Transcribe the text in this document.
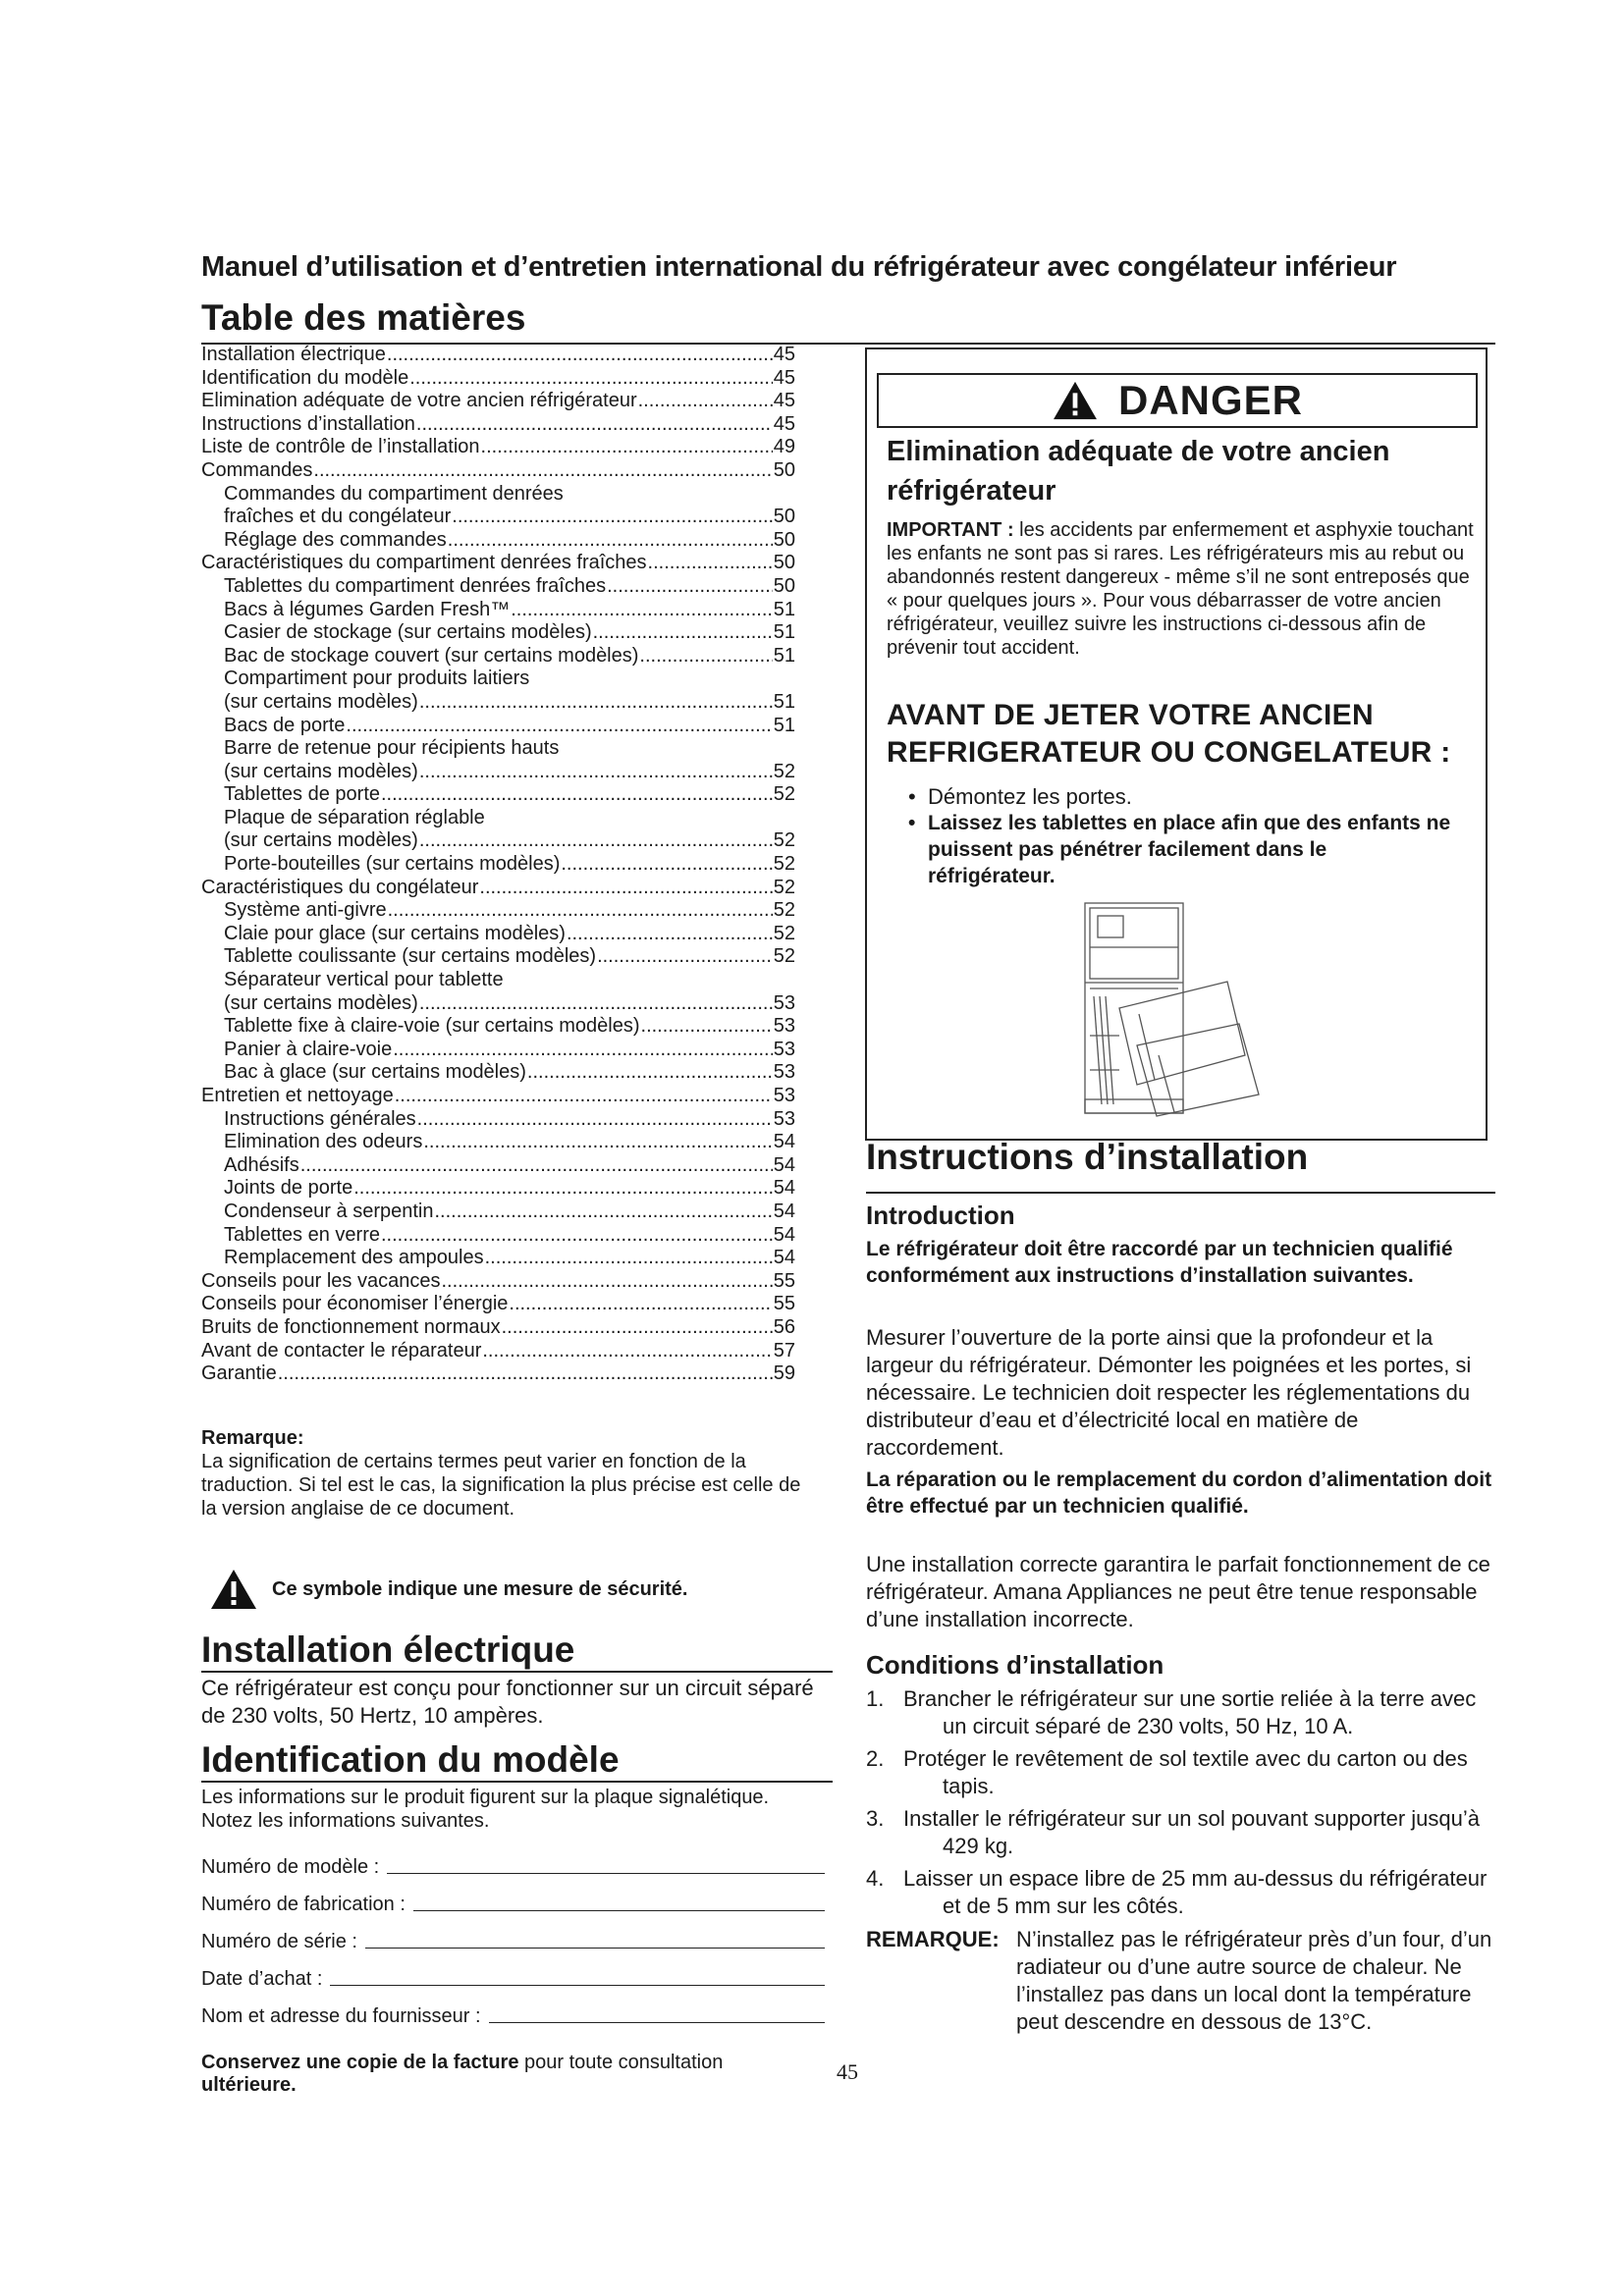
Manuel d’utilisation et d’entretien international du réfrigérateur avec congélateur inférieur
Table des matières
Installation électrique .....	45
Identification du modèle .....	45
Elimination adéquate de votre ancien réfrigérateur .....	45
Instructions d’installation .....	45
Liste de contrôle de l’installation .....	49
Commandes .....	50
Commandes du compartiment denrées
fraîches et du congélateur .....	50
Réglage des commandes .....	50
Caractéristiques du compartiment denrées fraîches .....	50
Tablettes du compartiment denrées fraîches .....	50
Bacs à légumes Garden Fresh™ .....	51
Casier de stockage (sur certains modèles) .....	51
Bac de stockage couvert (sur certains modèles) .....	51
Compartiment pour produits laitiers
(sur certains modèles) .....	51
Bacs de porte .....	51
Barre de retenue pour récipients hauts
(sur certains modèles) .....	52
Tablettes de porte .....	52
Plaque de séparation réglable
(sur certains modèles) .....	52
Porte-bouteilles (sur certains modèles) .....	52
Caractéristiques du congélateur .....	52
Système anti-givre .....	52
Claie pour glace (sur certains modèles) .....	52
Tablette coulissante (sur certains modèles) .....	52
Séparateur vertical pour tablette
(sur certains modèles) .....	53
Tablette fixe à claire-voie (sur certains modèles) .....	53
Panier à claire-voie .....	53
Bac à glace (sur certains modèles) .....	53
Entretien et nettoyage .....	53
Instructions générales .....	53
Elimination des odeurs .....	54
Adhésifs .....	54
Joints de porte .....	54
Condenseur à serpentin .....	54
Tablettes en verre .....	54
Remplacement des ampoules .....	54
Conseils pour les vacances .....	55
Conseils pour économiser l’énergie .....	55
Bruits de fonctionnement normaux .....	56
Avant de contacter le réparateur .....	57
Garantie .....	59
Remarque:
La signification de certains termes peut varier en fonction de la traduction. Si tel est le cas, la signification la plus précise est celle de la version anglaise de ce document.
Ce symbole indique une mesure de sécurité.
Installation électrique
Ce réfrigérateur est conçu pour fonctionner sur un circuit séparé de 230 volts, 50 Hertz, 10 ampères.
Identification du modèle
Les informations sur le produit figurent sur la plaque signalétique. Notez les informations suivantes.
Numéro de modèle :
Numéro de fabrication :
Numéro de série :
Date d’achat :
Nom et adresse du fournisseur :
Conservez une copie de la facture pour toute consultation
ultérieure.
45
DANGER
Elimination adéquate de votre ancien réfrigérateur
IMPORTANT : les accidents par enfermement et asphyxie touchant les enfants ne sont pas si rares. Les réfrigérateurs mis au rebut ou abandonnés restent dangereux - même s’il ne sont entreposés que « pour quelques jours ». Pour vous débarrasser de votre ancien réfrigérateur, veuillez suivre les instructions ci-dessous afin de prévenir tout accident.
AVANT DE JETER VOTRE ANCIEN REFRIGERATEUR OU CONGELATEUR :
• Démontez les portes.
• Laissez les tablettes en place afin que des enfants ne puissent pas pénétrer facilement dans le réfrigérateur.
Instructions d’installation
Introduction
Le réfrigérateur doit être raccordé par un technicien qualifié conformément aux instructions d’installation suivantes.
Mesurer l’ouverture de la porte ainsi que la profondeur et la largeur du réfrigérateur. Démonter les poignées et les portes, si nécessaire. Le technicien doit respecter les réglementations du distributeur d’eau et d’électricité local en matière de raccordement.
La réparation ou le remplacement du cordon d’alimentation doit être effectué par un technicien qualifié.
Une installation correcte garantira le parfait fonctionnement de ce réfrigérateur. Amana Appliances ne peut être tenue responsable d’une installation incorrecte.
Conditions d’installation
1. Brancher le réfrigérateur sur une sortie reliée à la terre avec un circuit séparé de 230 volts, 50 Hz, 10 A.
2. Protéger le revêtement de sol textile avec du carton ou des tapis.
3. Installer le réfrigérateur sur un sol pouvant supporter jusqu’à 429 kg.
4. Laisser un espace libre de 25 mm au-dessus du réfrigérateur et de 5 mm sur les côtés.
REMARQUE: N’installez pas le réfrigérateur près d’un four, d’un radiateur ou d’une autre source de chaleur. Ne l’installez pas dans un local dont la température peut descendre en dessous de 13°C.
